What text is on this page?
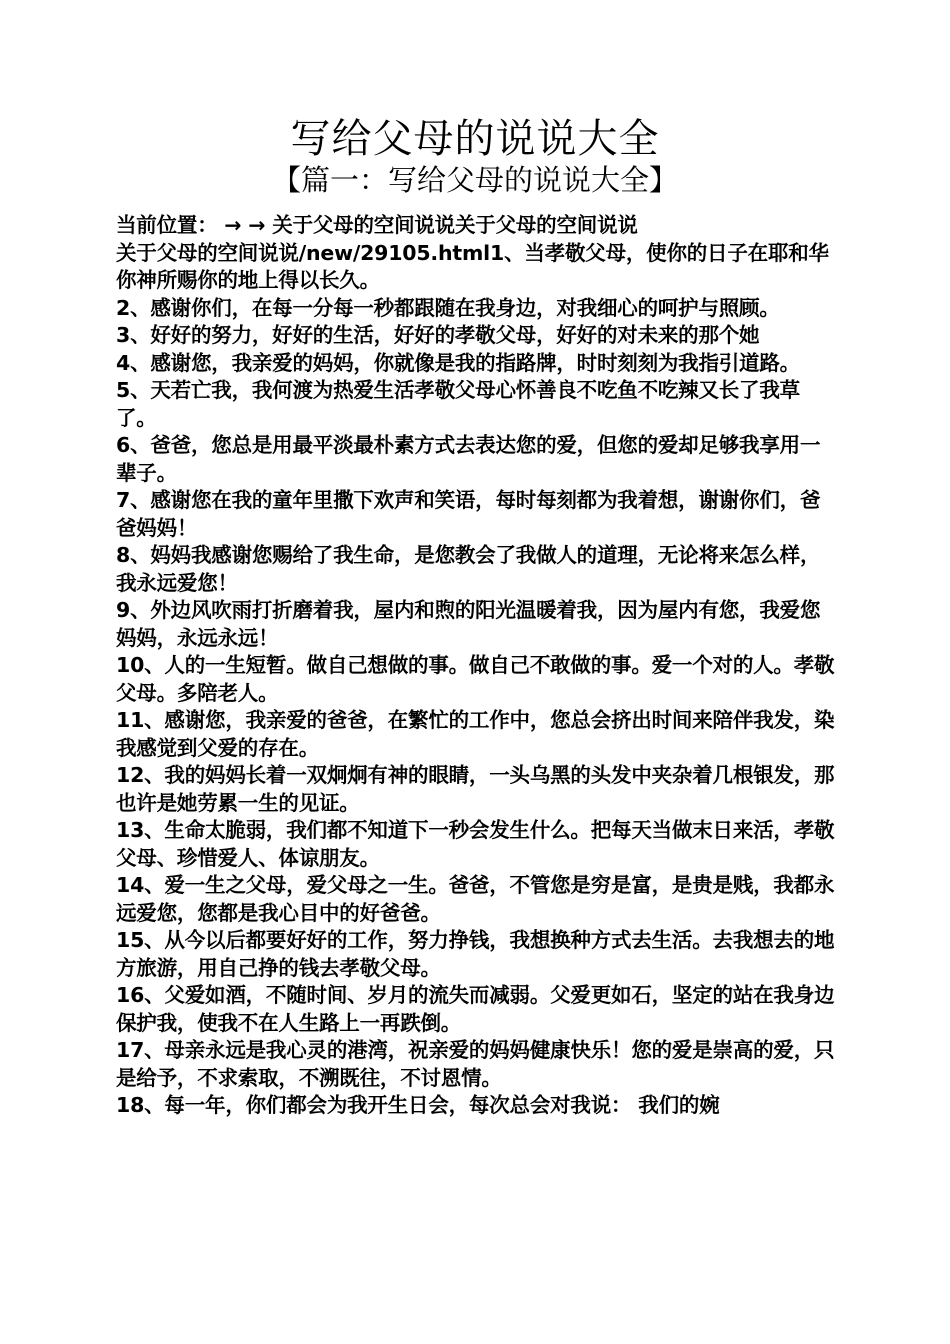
写给父母的说说大全
【篇一：写给父母的说说大全】

当前位置： → → 关于父母的空间说说关于父母的空间说说

关于父母的空间说说/new/29105.html1、当孝敬父母，使你的日子在耶和华你神所赐你的地上得以长久。

2、感谢你们，在每一分每一秒都跟随在我身边，对我细心的呵护与照顾。

3、好好的努力，好好的生活，好好的孝敬父母，好好的对未来的那个她

4、感谢您，我亲爱的妈妈，你就像是我的指路牌，时时刻刻为我指引道路。

5、天若亡我，我何渡为热爱生活孝敬父母心怀善良不吃鱼不吃辣又长了我草了。

6、爸爸，您总是用最平淡最朴素方式去表达您的爱，但您的爱却足够我享用一辈子。

7、感谢您在我的童年里撒下欢声和笑语，每时每刻都为我着想，谢谢你们，爸爸妈妈！

8、妈妈我感谢您赐给了我生命，是您教会了我做人的道理，无论将来怎么样，我永远爱您！

9、外边风吹雨打折磨着我，屋内和煦的阳光温暖着我，因为屋内有您，我爱您妈妈，永远永远！

10、人的一生短暂。做自己想做的事。做自己不敢做的事。爱一个对的人。孝敬父母。多陪老人。

11、感谢您，我亲爱的爸爸，在繁忙的工作中，您总会挤出时间来陪伴我发，染我感觉到父爱的存在。

12、我的妈妈长着一双炯炯有神的眼睛，一头乌黑的头发中夹杂着几根银发，那也许是她劳累一生的见证。

13、生命太脆弱，我们都不知道下一秒会发生什么。把每天当做末日来活，孝敬父母、珍惜爱人、体谅朋友。

14、爱一生之父母，爱父母之一生。爸爸，不管您是穷是富，是贵是贱，我都永远爱您，您都是我心目中的好爸爸。

15、从今以后都要好好的工作，努力挣钱，我想换种方式去生活。去我想去的地方旅游，用自己挣的钱去孝敬父母。

16、父爱如酒，不随时间、岁月的流失而减弱。父爱更如石，坚定的站在我身边保护我，使我不在人生路上一再跌倒。

17、母亲永远是我心灵的港湾，祝亲爱的妈妈健康快乐！您的爱是崇高的爱，只是给予，不求索取，不溯既往，不讨恩情。

18、每一年，你们都会为我开生日会，每次总会对我说： 我们的婉
